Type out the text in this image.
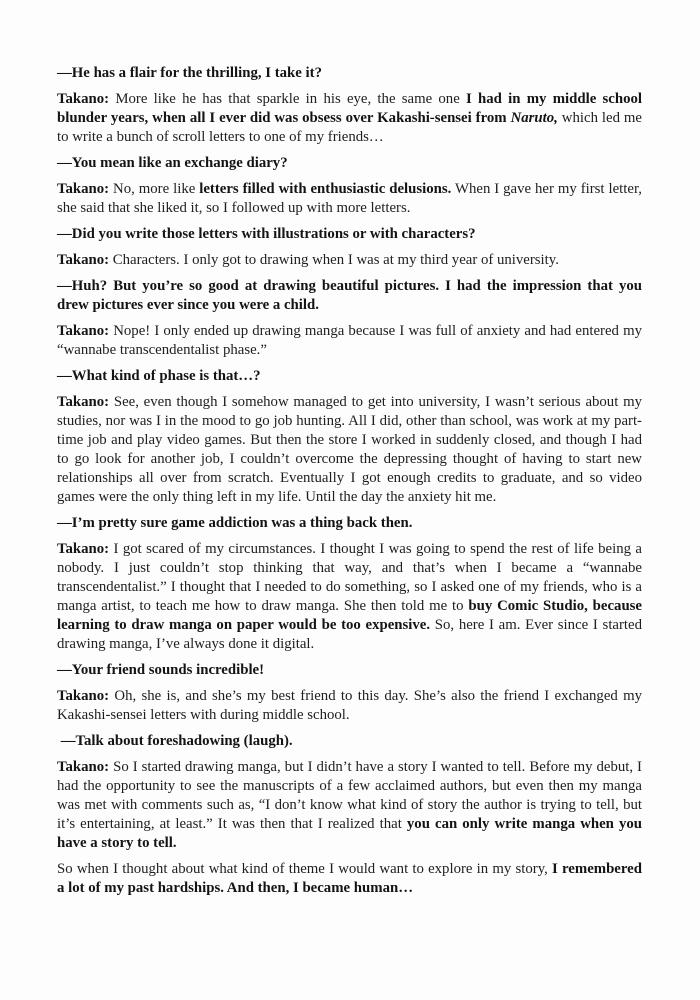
—He has a flair for the thrilling, I take it?

Takano: More like he has that sparkle in his eye, the same one I had in my middle school blunder years, when all I ever did was obsess over Kakashi-sensei from Naruto, which led me to write a bunch of scroll letters to one of my friends…

—You mean like an exchange diary?

Takano: No, more like letters filled with enthusiastic delusions. When I gave her my first letter, she said that she liked it, so I followed up with more letters.

—Did you write those letters with illustrations or with characters?

Takano: Characters. I only got to drawing when I was at my third year of university.

—Huh? But you’re so good at drawing beautiful pictures. I had the impression that you drew pictures ever since you were a child.

Takano: Nope! I only ended up drawing manga because I was full of anxiety and had entered my “wannabe transcendentalist phase.”

—What kind of phase is that…?

Takano: See, even though I somehow managed to get into university, I wasn’t serious about my studies, nor was I in the mood to go job hunting. All I did, other than school, was work at my part-time job and play video games. But then the store I worked in suddenly closed, and though I had to go look for another job, I couldn’t overcome the depressing thought of having to start new relationships all over from scratch. Eventually I got enough credits to graduate, and so video games were the only thing left in my life. Until the day the anxiety hit me.

—I’m pretty sure game addiction was a thing back then.

Takano: I got scared of my circumstances. I thought I was going to spend the rest of life being a nobody. I just couldn’t stop thinking that way, and that’s when I became a “wannabe transcendentalist.” I thought that I needed to do something, so I asked one of my friends, who is a manga artist, to teach me how to draw manga. She then told me to buy Comic Studio, because learning to draw manga on paper would be too expensive. So, here I am. Ever since I started drawing manga, I’ve always done it digital.

—Your friend sounds incredible!

Takano: Oh, she is, and she’s my best friend to this day. She’s also the friend I exchanged my Kakashi-sensei letters with during middle school.

—Talk about foreshadowing (laugh).

Takano: So I started drawing manga, but I didn’t have a story I wanted to tell. Before my debut, I had the opportunity to see the manuscripts of a few acclaimed authors, but even then my manga was met with comments such as, “I don’t know what kind of story the author is trying to tell, but it’s entertaining, at least.” It was then that I realized that you can only write manga when you have a story to tell.

So when I thought about what kind of theme I would want to explore in my story, I remembered a lot of my past hardships. And then, I became human…
